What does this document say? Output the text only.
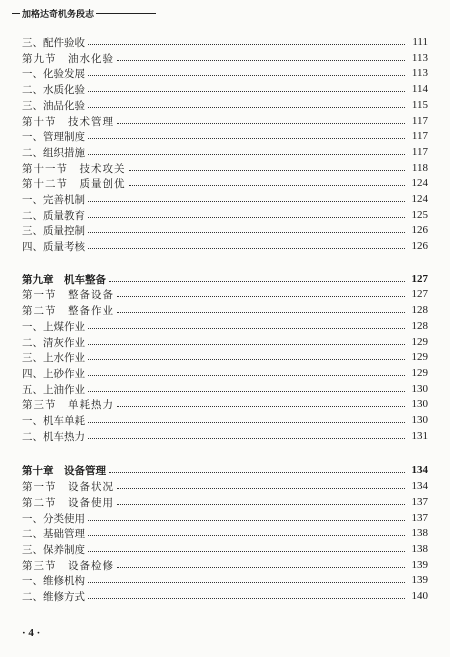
加格达奇机务段志
三、配件验收	111
第九节　油水化验	113
一、化验发展	113
二、水质化验	114
三、油品化验	115
第十节　技术管理	117
一、管理制度	117
二、组织措施	117
第十一节　技术攻关	118
第十二节　质量创优	124
一、完善机制	124
二、质量教育	125
三、质量控制	126
四、质量考核	126
第九章　机车整备	127
第一节　整备设备	127
第二节　整备作业	128
一、上煤作业	128
二、清灰作业	129
三、上水作业	129
四、上砂作业	129
五、上油作业	130
第三节　单耗热力	130
一、机车单耗	130
二、机车热力	131
第十章　设备管理	134
第一节　设备状况	134
第二节　设备使用	137
一、分类使用	137
二、基础管理	138
三、保养制度	138
第三节　设备检修	139
一、维修机构	139
二、维修方式	140
· 4 ·
